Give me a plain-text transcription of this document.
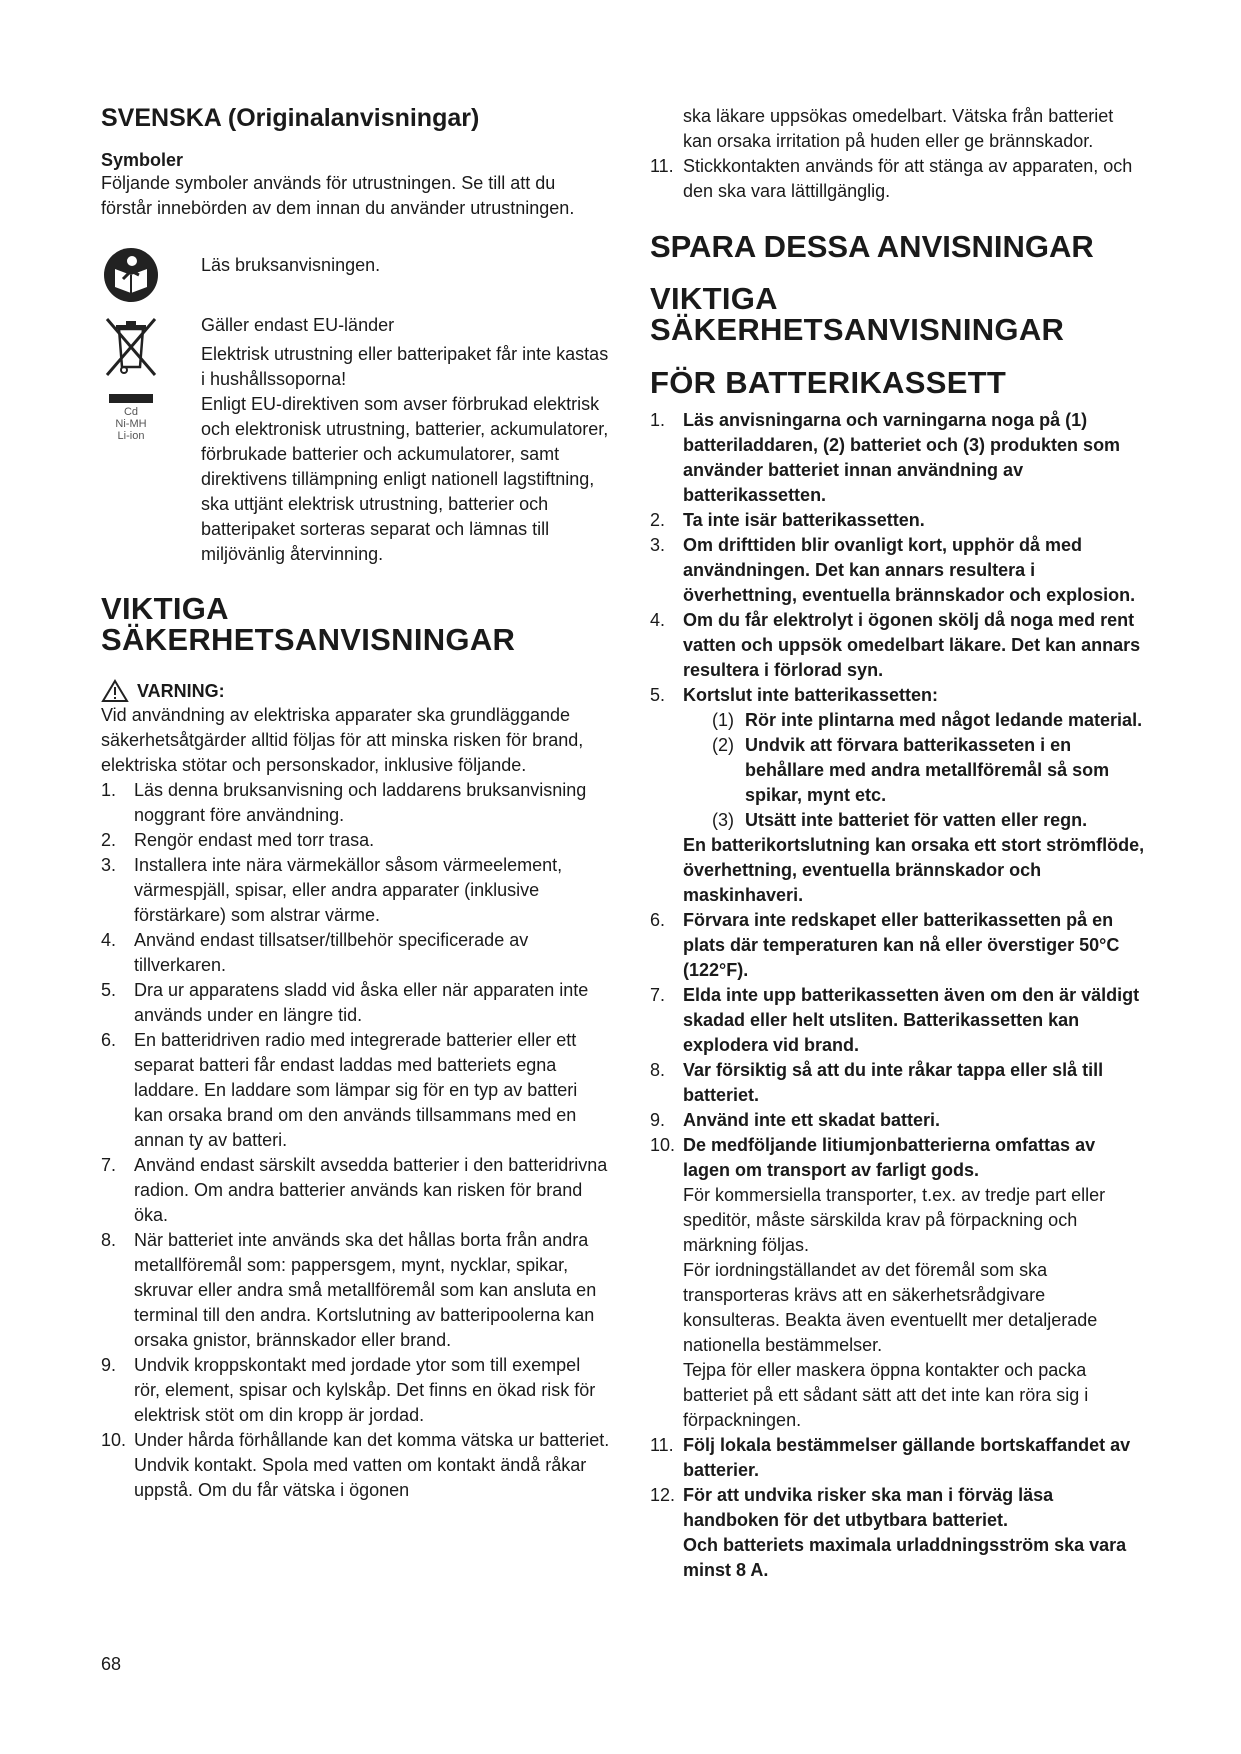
SVENSKA (Originalanvisningar)
Symboler

Följande symboler används för utrustningen. Se till att du förstår innebörden av dem innan du använder utrustningen.

Läs bruksanvisningen.
Cd
Ni-MH
Li-ion
Gäller endast EU-länder
Elektrisk utrustning eller batteripaket får inte kastas i hushållssoporna!
Enligt EU-direktiven som avser förbrukad elektrisk och elektronisk utrustning, batterier, ackumulatorer, förbrukade batterier och ackumulatorer, samt direktivens tillämpning enligt nationell lagstiftning, ska uttjänt elektrisk utrustning, batterier och batteripaket sorteras separat och lämnas till miljövänlig återvinning.
VIKTIGA
SÄKERHETSANVISNINGAR
VARNING:

Vid användning av elektriska apparater ska grundläggande säkerhetsåtgärder alltid följas för att minska risken för brand, elektriska stötar och personskador, inklusive följande.

1. Läs denna bruksanvisning och laddarens bruksanvisning noggrant före användning.
2. Rengör endast med torr trasa.
3. Installera inte nära värmekällor såsom värmeelement, värmespjäll, spisar, eller andra apparater (inklusive förstärkare) som alstrar värme.
4. Använd endast tillsatser/tillbehör specificerade av tillverkaren.
5. Dra ur apparatens sladd vid åska eller när apparaten inte används under en längre tid.
6. En batteridriven radio med integrerade batterier eller ett separat batteri får endast laddas med batteriets egna laddare. En laddare som lämpar sig för en typ av batteri kan orsaka brand om den används tillsammans med en annan ty av batteri.
7. Använd endast särskilt avsedda batterier i den batteridrivna radion. Om andra batterier används kan risken för brand öka.
8. När batteriet inte används ska det hållas borta från andra metallföremål som: pappersgem, mynt, nycklar, spikar, skruvar eller andra små metallföremål som kan ansluta en terminal till den andra. Kortslutning av batteripoolerna kan orsaka gnistor, brännskador eller brand.
9. Undvik kroppskontakt med jordade ytor som till exempel rör, element, spisar och kylskåp. Det finns en ökad risk för elektrisk stöt om din kropp är jordad.
10. Under hårda förhållande kan det komma vätska ur batteriet. Undvik kontakt. Spola med vatten om kontakt ändå råkar uppstå. Om du får vätska i ögonen
ska läkare uppsökas omedelbart. Vätska från batteriet kan orsaka irritation på huden eller ge brännskador.
11. Stickkontakten används för att stänga av apparaten, och den ska vara lättillgänglig.
SPARA DESSA ANVISNINGAR
VIKTIGA
SÄKERHETSANVISNINGAR
FÖR BATTERIKASSETT
1. Läs anvisningarna och varningarna noga på (1) batteriladdaren, (2) batteriet och (3) produkten som använder batteriet innan användning av batterikassetten.
2. Ta inte isär batterikassetten.
3. Om drifttiden blir ovanligt kort, upphör då med användningen. Det kan annars resultera i överhettning, eventuella brännskador och explosion.
4. Om du får elektrolyt i ögonen skölj då noga med rent vatten och uppsök omedelbart läkare. Det kan annars resultera i förlorad syn.
5. Kortslut inte batterikassetten:
(1) Rör inte plintarna med något ledande material.
(2) Undvik att förvara batterikasseten i en behållare med andra metallföremål så som spikar, mynt etc.
(3) Utsätt inte batteriet för vatten eller regn.
En batterikortslutning kan orsaka ett stort strömflöde, överhettning, eventuella brännskador och maskinhaveri.
6. Förvara inte redskapet eller batterikassetten på en plats där temperaturen kan nå eller överstiger 50°C (122°F).
7. Elda inte upp batterikassetten även om den är väldigt skadad eller helt utsliten. Batterikassetten kan explodera vid brand.
8. Var försiktig så att du inte råkar tappa eller slå till batteriet.
9. Använd inte ett skadat batteri.
10. De medföljande litiumjonbatterierna omfattas av lagen om transport av farligt gods.
För kommersiella transporter, t.ex. av tredje part eller speditör, måste särskilda krav på förpackning och märkning följas.
För iordningställandet av det föremål som ska transporteras krävs att en säkerhetsrådgivare konsulteras. Beakta även eventuellt mer detaljerade nationella bestämmelser.
Tejpa för eller maskera öppna kontakter och packa batteriet på ett sådant sätt att det inte kan röra sig i förpackningen.
11. Följ lokala bestämmelser gällande bortskaffandet av batterier.
12. För att undvika risker ska man i förväg läsa handboken för det utbytbara batteriet.
Och batteriets maximala urladdningsström ska vara minst 8 A.
68
